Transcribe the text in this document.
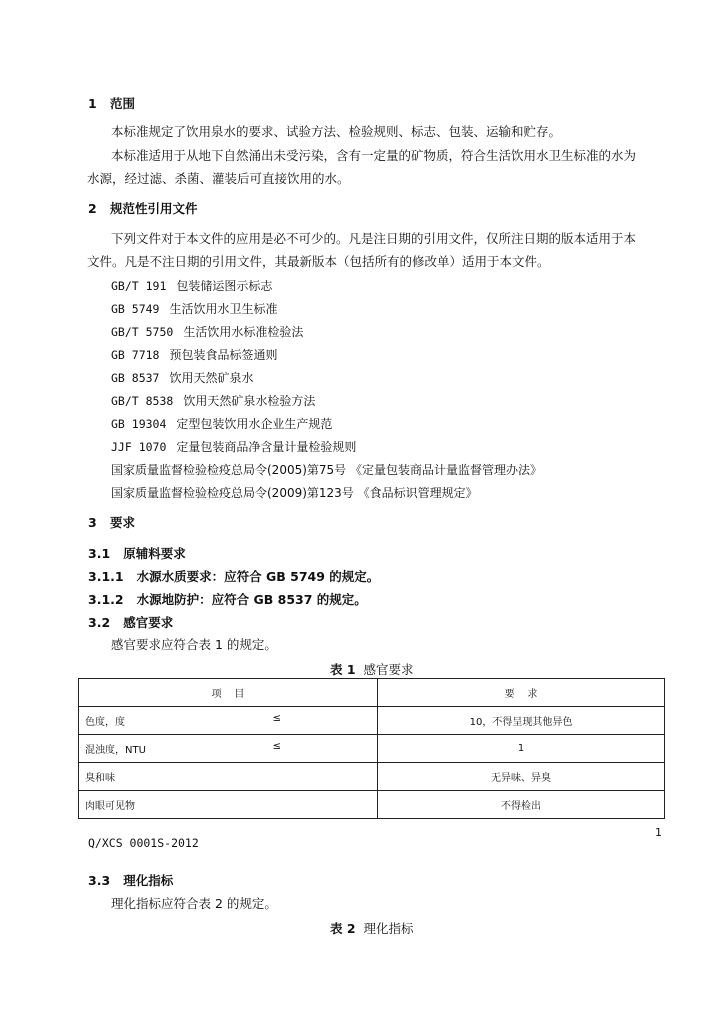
1 范围
本标准规定了饮用泉水的要求、试验方法、检验规则、标志、包装、运输和贮存。
本标准适用于从地下自然涌出未受污染，含有一定量的矿物质，符合生活饮用水卫生标准的水为
水源，经过滤、杀菌、灌装后可直接饮用的水。
2 规范性引用文件
下列文件对于本文件的应用是必不可少的。凡是注日期的引用文件，仅所注日期的版本适用于本
文件。凡是不注日期的引用文件，其最新版本（包括所有的修改单）适用于本文件。
GB/T 191 包装储运图示标志
GB 5749 生活饮用水卫生标准
GB/T 5750 生活饮用水标准检验法
GB 7718 预包装食品标签通则
GB 8537 饮用天然矿泉水
GB/T 8538 饮用天然矿泉水检验方法
GB 19304 定型包装饮用水企业生产规范
JJF 1070 定量包装商品净含量计量检验规则
国家质量监督检验检疫总局令(2005)第75号 《定量包装商品计量监督管理办法》
国家质量监督检验检疫总局令(2009)第123号 《食品标识管理规定》
3 要求
3.1   原辅料要求
3.1.1   水源水质要求：应符合 GB 5749 的规定。
3.1.2   水源地防护：应符合 GB 8537 的规定。
3.2   感官要求
感官要求应符合表 1 的规定。
表 1 感官要求
项    目	要    求
色度，度 ≤	10，不得呈现其他异色
混浊度，NTU ≤	1
臭和味	无异味、异臭
肉眼可见物	不得检出
1
Q/XCS 0001S-2012
3.3   理化指标
理化指标应符合表 2 的规定。
表 2 理化指标
